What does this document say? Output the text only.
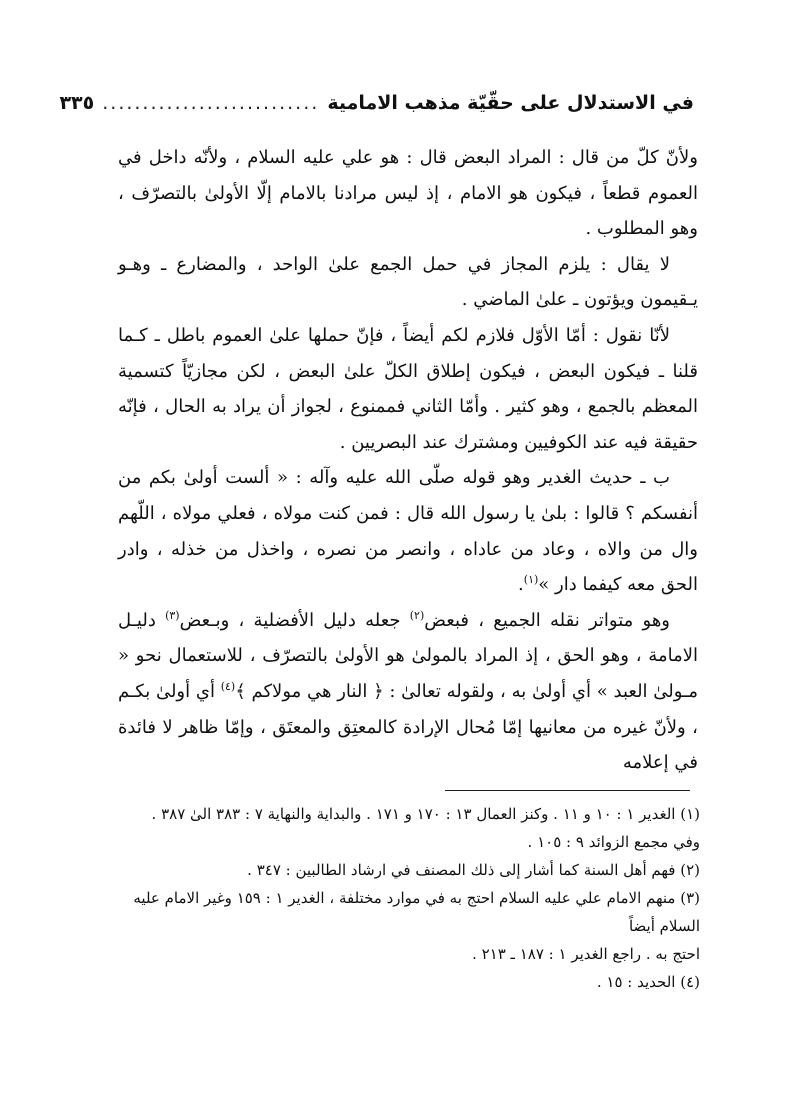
في الاستدلال على حقّيّة مذهب الامامية
...........................
٣٣٥

ولأنّ كلّ من قال : المراد البعض قال : هو علي عليه السلام ، ولأنّه داخل في العموم قطعاً ، فيكون هو الامام ، إذ ليس مرادنا بالامام إلّا الأولىٰ بالتصرّف ، وهو المطلوب .

لا يقال : يلزم المجاز في حمل الجمع علىٰ الواحد ، والمضارع ـ وهـو يـقيمون ويؤتون ـ علىٰ الماضي .

لأنّا نقول : أمّا الأوّل فلازم لكم أيضاً ، فإنّ حملها علىٰ العموم باطل ـ كـما قلنا ـ فيكون البعض ، فيكون إطلاق الكلّ علىٰ البعض ، لكن مجازيّاً كتسمية المعظم بالجمع ، وهو كثير . وأمّا الثاني فممنوع ، لجواز أن يراد به الحال ، فإنّه حقيقة فيه عند الكوفيين ومشترك عند البصريين .

ب ـ حديث الغدير وهو قوله صلّى الله عليه وآله : « ألست أولىٰ بكم من أنفسكم ؟ قالوا : بلىٰ يا رسول الله قال : فمن كنت مولاه ، فعلي مولاه ، اللّهم وال من والاه ، وعاد من عاداه ، وانصر من نصره ، واخذل من خذله ، وادر الحق معه كيفما دار »$^{(١)}$.

وهو متواتر نقله الجميع ، فبعض$^{(٢)}$ جعله دليل الأفضلية ، وبـعض$^{(٣)}$ دليـل الامامة ، وهو الحق ، إذ المراد بالمولىٰ هو الأولىٰ بالتصرّف ، للاستعمال نحو « مـولىٰ العبد » أي أولىٰ به ، ولقوله تعالىٰ : ﴿ النار هي مولاكم ﴾$^{(٤)}$ أي أولىٰ بكـم ، ولأنّ غيره من معانيها إمّا مُحال الإرادة كالمعتِق والمعتَق ، وإمّا ظاهر لا فائدة في إعلامه

(١) الغدير ١ : ١٠ و ١١ . وكنز العمال ١٣ : ١٧٠ و ١٧١ . والبداية والنهاية ٧ : ٣٨٣ الىٰ ٣٨٧ .

وفي مجمع الزوائد ٩ : ١٠٥ .

(٢) فهم أهل السنة كما أشار إلى ذلك المصنف في ارشاد الطالبين : ٣٤٧ .

(٣) منهم الامام علي عليه السلام احتج به في موارد مختلفة ، الغدير ١ : ١٥٩ وغير الامام عليه السلام أيضاً

احتج به . راجع الغدير ١ : ١٨٧ ـ ٢١٣ .

(٤) الحديد : ١٥ .
